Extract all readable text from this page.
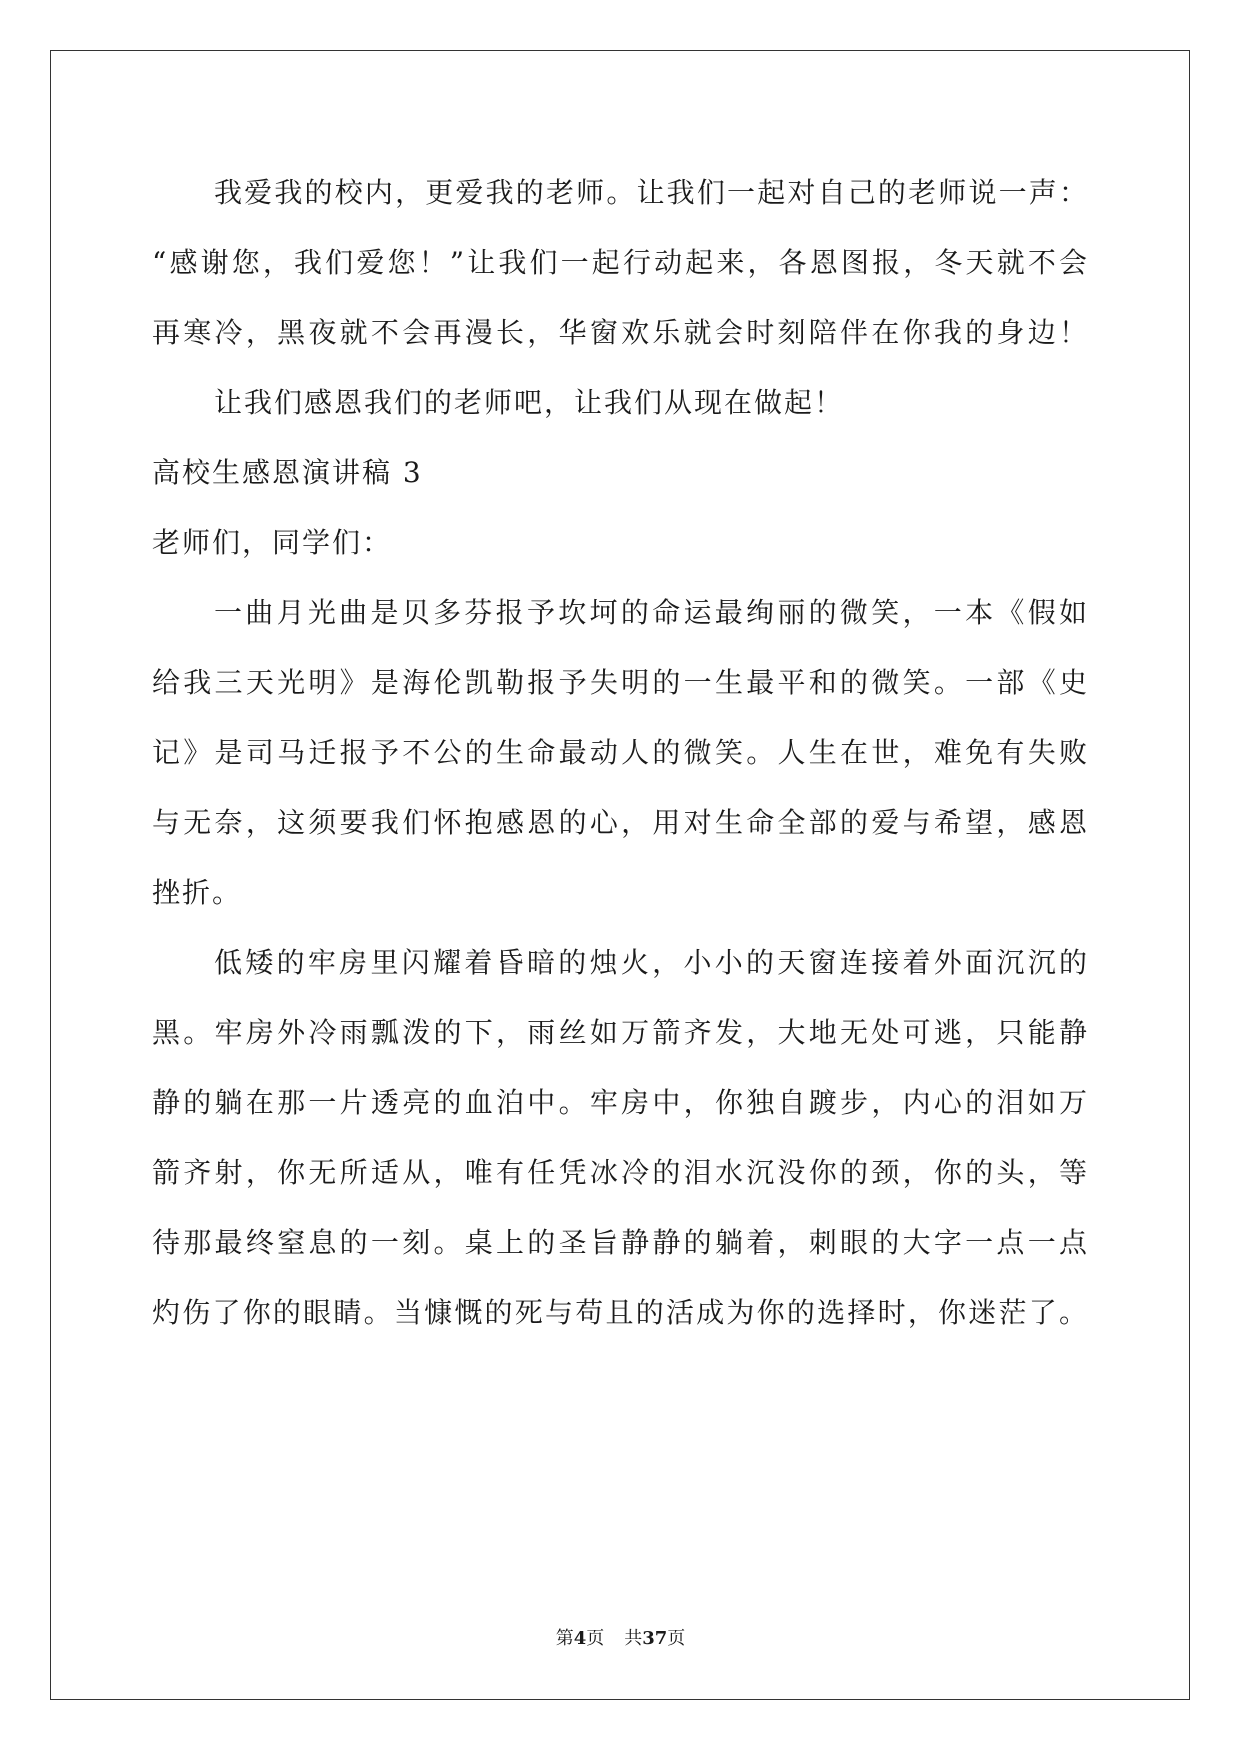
我爱我的校内，更爱我的老师。让我们一起对自己的老师说一声：
“感谢您，我们爱您！”让我们一起行动起来，各恩图报，冬天就不会
再寒冷，黑夜就不会再漫长，华窗欢乐就会时刻陪伴在你我的身边！
让我们感恩我们的老师吧，让我们从现在做起！
高校生感恩演讲稿 3
老师们，同学们：
一曲月光曲是贝多芬报予坎坷的命运最绚丽的微笑，一本《假如
给我三天光明》是海伦凯勒报予失明的一生最平和的微笑。一部《史
记》是司马迁报予不公的生命最动人的微笑。人生在世，难免有失败
与无奈，这须要我们怀抱感恩的心，用对生命全部的爱与希望，感恩
挫折。
低矮的牢房里闪耀着昏暗的烛火，小小的天窗连接着外面沉沉的
黑。牢房外冷雨瓢泼的下，雨丝如万箭齐发，大地无处可逃，只能静
静的躺在那一片透亮的血泊中。牢房中，你独自踱步，内心的泪如万
箭齐射，你无所适从，唯有任凭冰冷的泪水沉没你的颈，你的头，等
待那最终窒息的一刻。桌上的圣旨静静的躺着，刺眼的大字一点一点
灼伤了你的眼睛。当慷慨的死与苟且的活成为你的选择时，你迷茫了。
第4页 共37页
